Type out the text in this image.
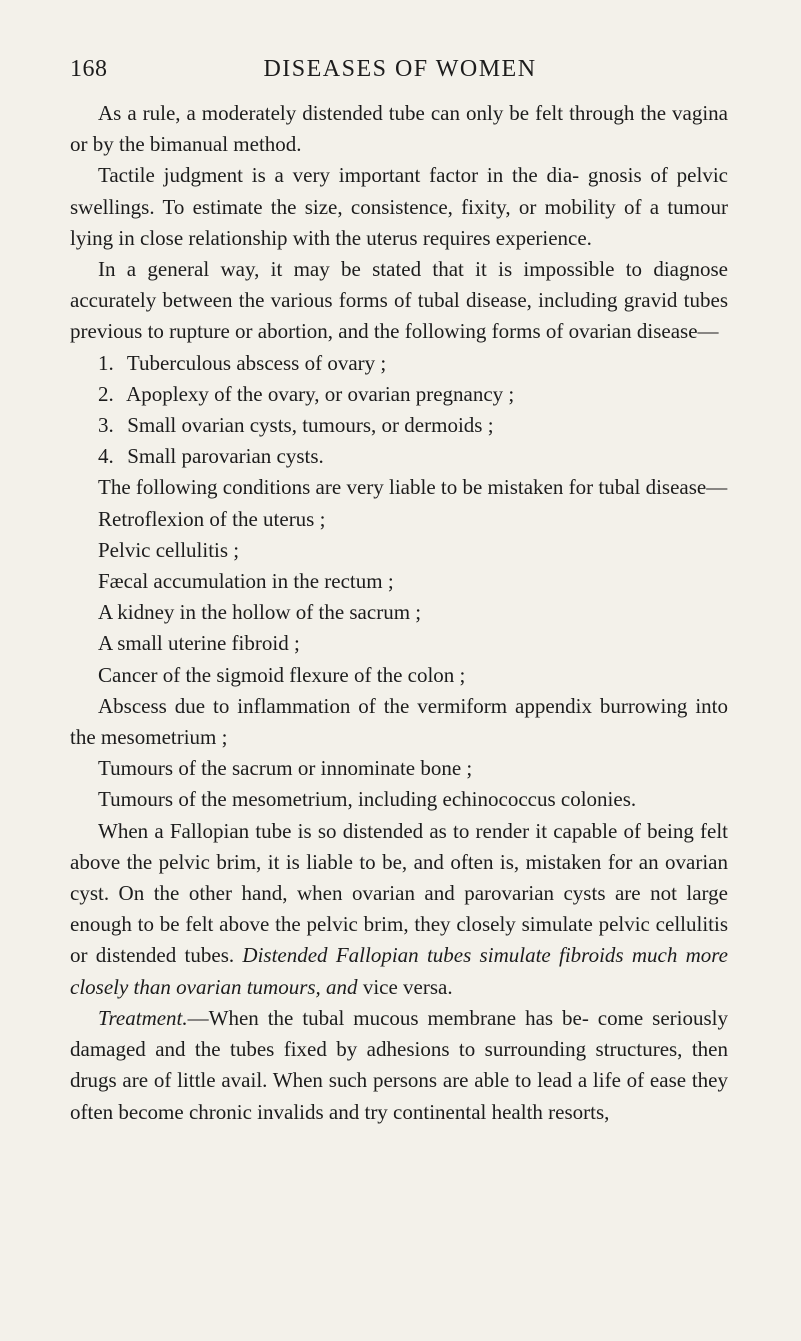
168	DISEASES OF WOMEN

As a rule, a moderately distended tube can only be felt through the vagina or by the bimanual method.

Tactile judgment is a very important factor in the dia- gnosis of pelvic swellings. To estimate the size, consistence, fixity, or mobility of a tumour lying in close relationship with the uterus requires experience.

In a general way, it may be stated that it is impossible to diagnose accurately between the various forms of tubal disease, including gravid tubes previous to rupture or abortion, and the following forms of ovarian disease—

1. Tuberculous abscess of ovary ;
2. Apoplexy of the ovary, or ovarian pregnancy ;
3. Small ovarian cysts, tumours, or dermoids ;
4. Small parovarian cysts.

The following conditions are very liable to be mistaken for tubal disease—

Retroflexion of the uterus ;

Pelvic cellulitis ;

Fæcal accumulation in the rectum ;

A kidney in the hollow of the sacrum ;

A small uterine fibroid ;

Cancer of the sigmoid flexure of the colon ;

Abscess due to inflammation of the vermiform appendix burrowing into the mesometrium ;

Tumours of the sacrum or innominate bone ;

Tumours of the mesometrium, including echinococcus colonies.

When a Fallopian tube is so distended as to render it capable of being felt above the pelvic brim, it is liable to be, and often is, mistaken for an ovarian cyst. On the other hand, when ovarian and parovarian cysts are not large enough to be felt above the pelvic brim, they closely simulate pelvic cellulitis or distended tubes. Distended Fallopian tubes simulate fibroids much more closely than ovarian tumours, and vice versa.

Treatment.—When the tubal mucous membrane has be- come seriously damaged and the tubes fixed by adhesions to surrounding structures, then drugs are of little avail. When such persons are able to lead a life of ease they often become chronic invalids and try continental health resorts,
